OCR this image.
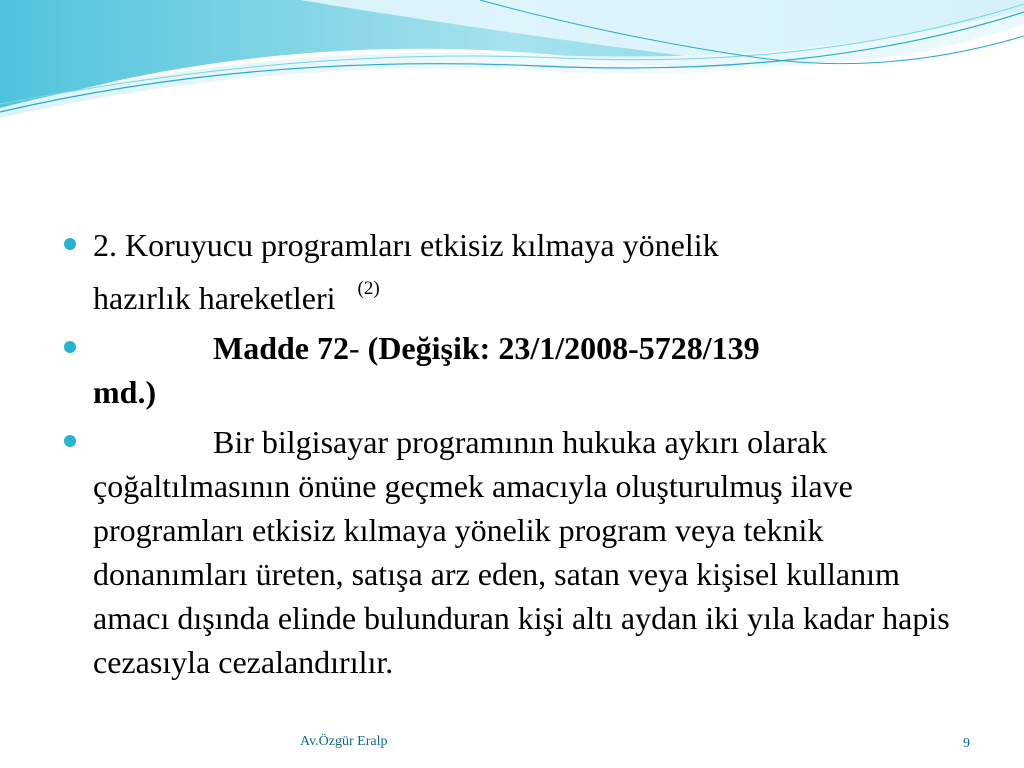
2. Koruyucu programları etkisiz kılmaya yönelik
hazırlık hareketleri $^{(2)}$
Madde 72- (Değişik: 23/1/2008-5728/139
md.)
Bir bilgisayar programının hukuka aykırı olarak çoğaltılmasının önüne geçmek amacıyla oluşturulmuş ilave programları etkisiz kılmaya yönelik program veya teknik donanımları üreten, satışa arz eden, satan veya kişisel kullanım amacı dışında elinde bulunduran kişi altı aydan iki yıla kadar hapis cezasıyla cezalandırılır.
Av.Özgür Eralp	9
